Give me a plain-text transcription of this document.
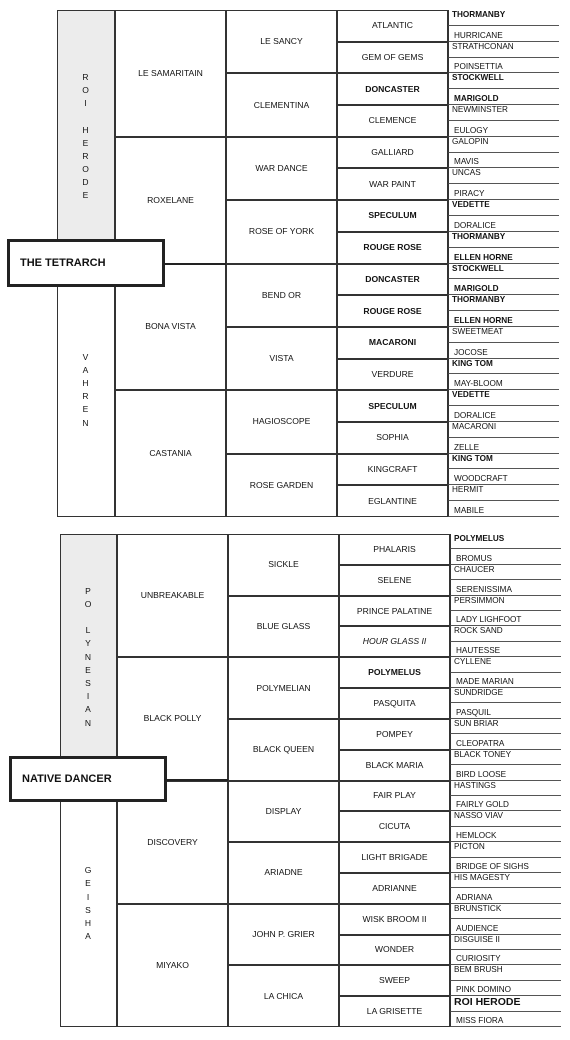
R
O
I

H
E
R
O
D
E
V
A
H
R
E
N
LE SAMARITAIN
ROXELANE
BONA VISTA
CASTANIA
LE SANCY
CLEMENTINA
WAR DANCE
ROSE OF YORK
BEND OR
VISTA
HAGIOSCOPE
ROSE GARDEN
ATLANTIC
GEM OF GEMS
DONCASTER
CLEMENCE
GALLIARD
WAR PAINT
SPECULUM
ROUGE ROSE
DONCASTER
ROUGE ROSE
MACARONI
VERDURE
SPECULUM
SOPHIA
KINGCRAFT
EGLANTINE
THORMANBY
HURRICANE
STRATHCONAN
POINSETTIA
STOCKWELL
MARIGOLD
NEWMINSTER
EULOGY
GALOPIN
MAVIS
UNCAS
PIRACY
VEDETTE
DORALICE
THORMANBY
ELLEN HORNE
STOCKWELL
MARIGOLD
THORMANBY
ELLEN HORNE
SWEETMEAT
JOCOSE
KING TOM
MAY-BLOOM
VEDETTE
DORALICE
MACARONI
ZELLE
KING TOM
WOODCRAFT
HERMIT
MABILE
THE TETRARCH
P
O

L
Y
N
E
S
I
A
N
G
E
I
S
H
A
UNBREAKABLE
BLACK POLLY
DISCOVERY
MIYAKO
SICKLE
BLUE GLASS
POLYMELIAN
BLACK QUEEN
DISPLAY
ARIADNE
JOHN P. GRIER
LA CHICA
PHALARIS
SELENE
PRINCE PALATINE
HOUR GLASS II
POLYMELUS
PASQUITA
POMPEY
BLACK MARIA
FAIR PLAY
CICUTA
LIGHT BRIGADE
ADRIANNE
WISK BROOM II
WONDER
SWEEP
LA GRISETTE
POLYMELUS
BROMUS
CHAUCER
SERENISSIMA
PERSIMMON
LADY LIGHFOOT
ROCK SAND
HAUTESSE
CYLLENE
MADE MARIAN
SUNDRIDGE
PASQUIL
SUN BRIAR
CLEOPATRA
BLACK TONEY
BIRD LOOSE
HASTINGS
FAIRLY GOLD
NASSO VIAV
HEMLOCK
PICTON
BRIDGE OF SIGHS
HIS MAGESTY
ADRIANA
BRUNSTICK
AUDIENCE
DISGUISE II
CURIOSITY
BEM BRUSH
PINK DOMINO
ROI HERODE
MISS FIORA
NATIVE DANCER
